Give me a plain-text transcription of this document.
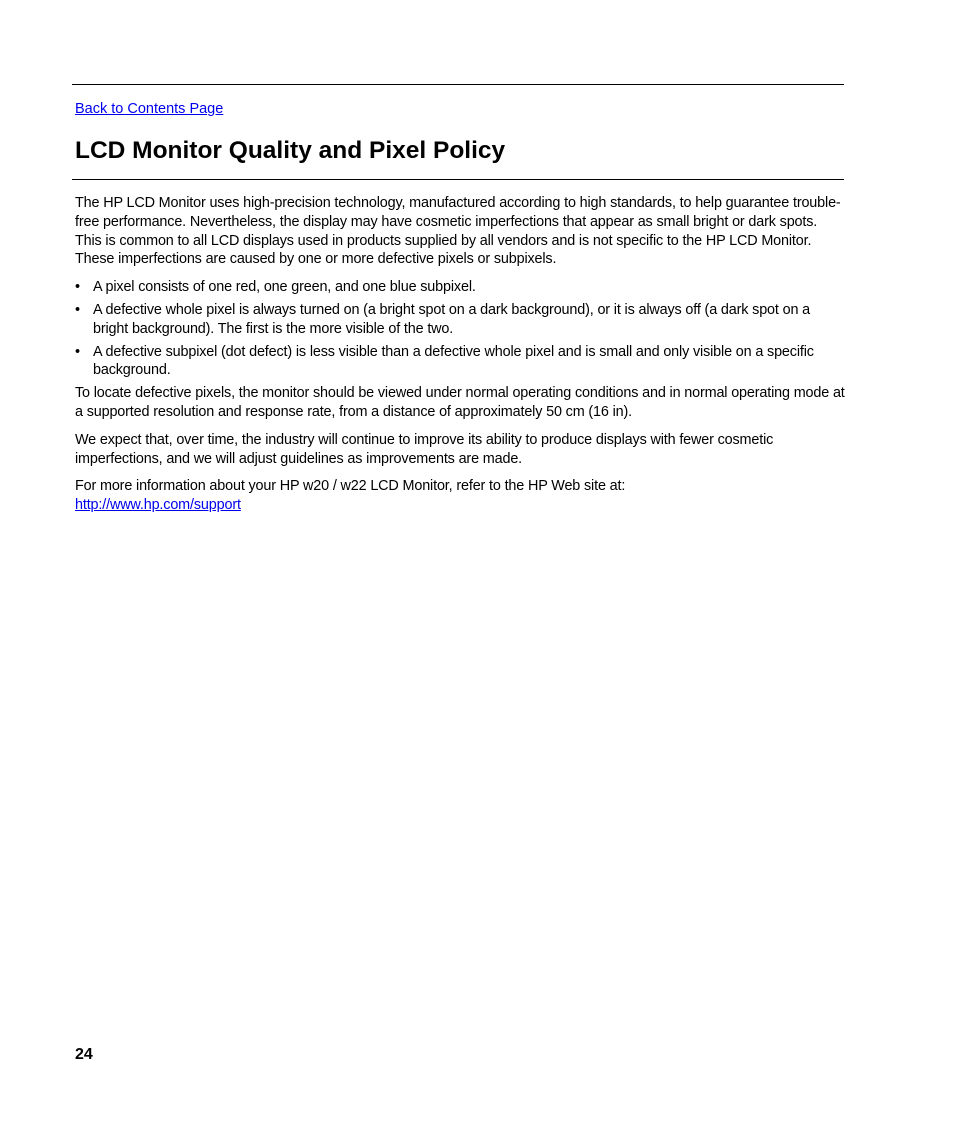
Back to Contents Page
LCD Monitor Quality and Pixel Policy

The HP LCD Monitor uses high-precision technology, manufactured according to high standards, to help guarantee trouble-free performance. Nevertheless, the display may have cosmetic imperfections that appear as small bright or dark spots. This is common to all LCD displays used in products supplied by all vendors and is not specific to the HP LCD Monitor. These imperfections are caused by one or more defective pixels or subpixels.

• A pixel consists of one red, one green, and one blue subpixel.
• A defective whole pixel is always turned on (a bright spot on a dark background), or it is always off (a dark spot on a bright background). The first is the more visible of the two.
• A defective subpixel (dot defect) is less visible than a defective whole pixel and is small and only visible on a specific background.

To locate defective pixels, the monitor should be viewed under normal operating conditions and in normal operating mode at a supported resolution and response rate, from a distance of approximately 50 cm (16 in).

We expect that, over time, the industry will continue to improve its ability to produce displays with fewer cosmetic imperfections, and we will adjust guidelines as improvements are made.

For more information about your HP w20 / w22 LCD Monitor, refer to the HP Web site at:
http://www.hp.com/support

24
